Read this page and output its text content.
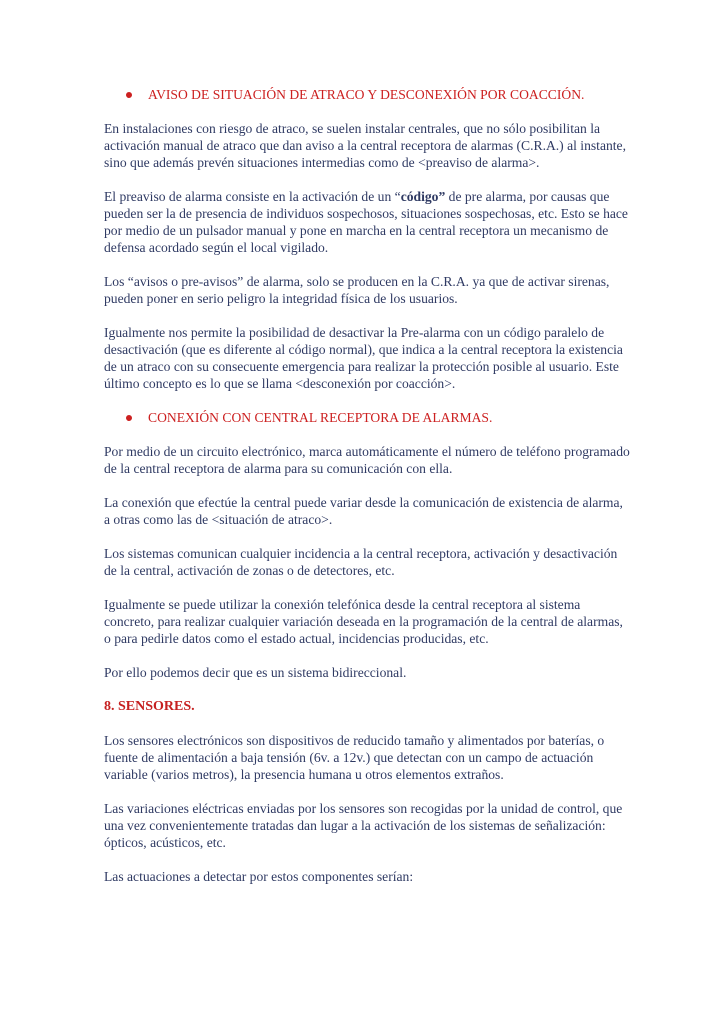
AVISO DE SITUACIÓN DE ATRACO Y DESCONEXIÓN POR COACCIÓN.

En instalaciones con riesgo de atraco, se suelen instalar centrales, que no sólo posibilitan la activación manual de atraco que dan aviso a la central receptora de alarmas (C.R.A.) al instante, sino que además prevén situaciones intermedias como de <preaviso de alarma>.

El preaviso de alarma consiste en la activación de un “código” de pre alarma, por causas que pueden ser la de presencia de individuos sospechosos, situaciones sospechosas, etc. Esto se hace por medio de un pulsador manual y pone en marcha en la central receptora un mecanismo de defensa acordado según el local vigilado.

Los “avisos o pre-avisos” de alarma, solo se producen en la C.R.A. ya que de activar sirenas, pueden poner en serio peligro la integridad física de los usuarios.

Igualmente nos permite la posibilidad de desactivar la Pre-alarma con un código paralelo de desactivación (que es diferente al código normal), que indica a la central receptora la existencia de un atraco con su consecuente emergencia para realizar la protección posible al usuario. Este último concepto es lo que se llama <desconexión por coacción>.

CONEXIÓN CON CENTRAL RECEPTORA DE ALARMAS.

Por medio de un circuito electrónico, marca automáticamente el número de teléfono programado de la central receptora de alarma para su comunicación con ella.

La conexión que efectúe la central puede variar desde la comunicación de existencia de alarma, a otras como las de <situación de atraco>.

Los sistemas comunican cualquier incidencia a la central receptora, activación y desactivación de la central, activación de zonas o de detectores, etc.

Igualmente se puede utilizar la conexión telefónica desde la central receptora al sistema concreto, para realizar cualquier variación deseada en la programación de la central de alarmas, o para pedirle datos como el estado actual, incidencias producidas, etc.

Por ello podemos decir que es un sistema bidireccional.

8. SENSORES.

Los sensores electrónicos son dispositivos de reducido tamaño y alimentados por baterías, o fuente de alimentación a baja tensión (6v. a 12v.) que detectan con un campo de actuación variable (varios metros), la presencia humana u otros elementos extraños.

Las variaciones eléctricas enviadas por los sensores son recogidas por la unidad de control, que una vez convenientemente tratadas dan lugar a la activación de los sistemas de señalización: ópticos, acústicos, etc.

Las actuaciones a detectar por estos componentes serían:
